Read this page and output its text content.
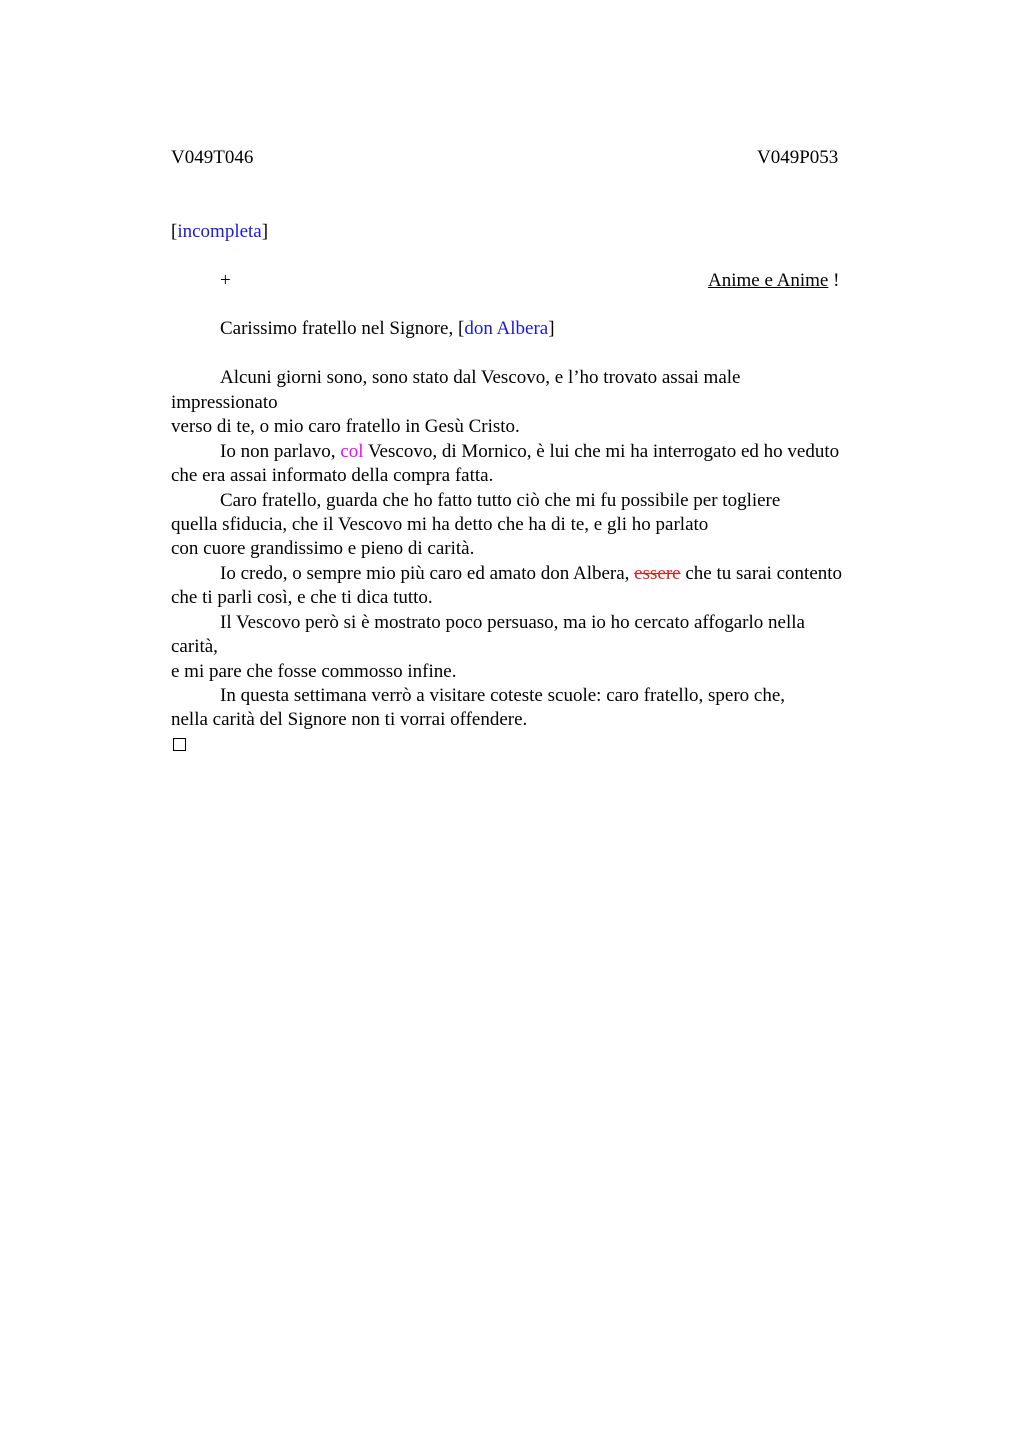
V049T046	V049P053
[incompleta]
+	Anime e Anime !
Carissimo fratello nel Signore, [don Albera]
Alcuni giorni sono, sono stato dal Vescovo, e l’ho trovato assai male
impressionato
verso di te, o mio caro fratello in Gesù Cristo.
Io non parlavo, col Vescovo, di Mornico, è lui che mi ha interrogato ed ho veduto
che era assai informato della compra fatta.
Caro fratello, guarda che ho fatto tutto ciò che mi fu possibile per togliere
quella sfiducia, che il Vescovo mi ha detto che ha di te, e gli ho parlato
con cuore grandissimo e pieno di carità.
Io credo, o sempre mio più caro ed amato don Albera, essere che tu sarai contento
che ti parli così, e che ti dica tutto.
Il Vescovo però si è mostrato poco persuaso, ma io ho cercato affogarlo nella
carità,
e mi pare che fosse commosso infine.
In questa settimana verrò a visitare coteste scuole: caro fratello, spero che,
nella carità del Signore non ti vorrai offendere.
